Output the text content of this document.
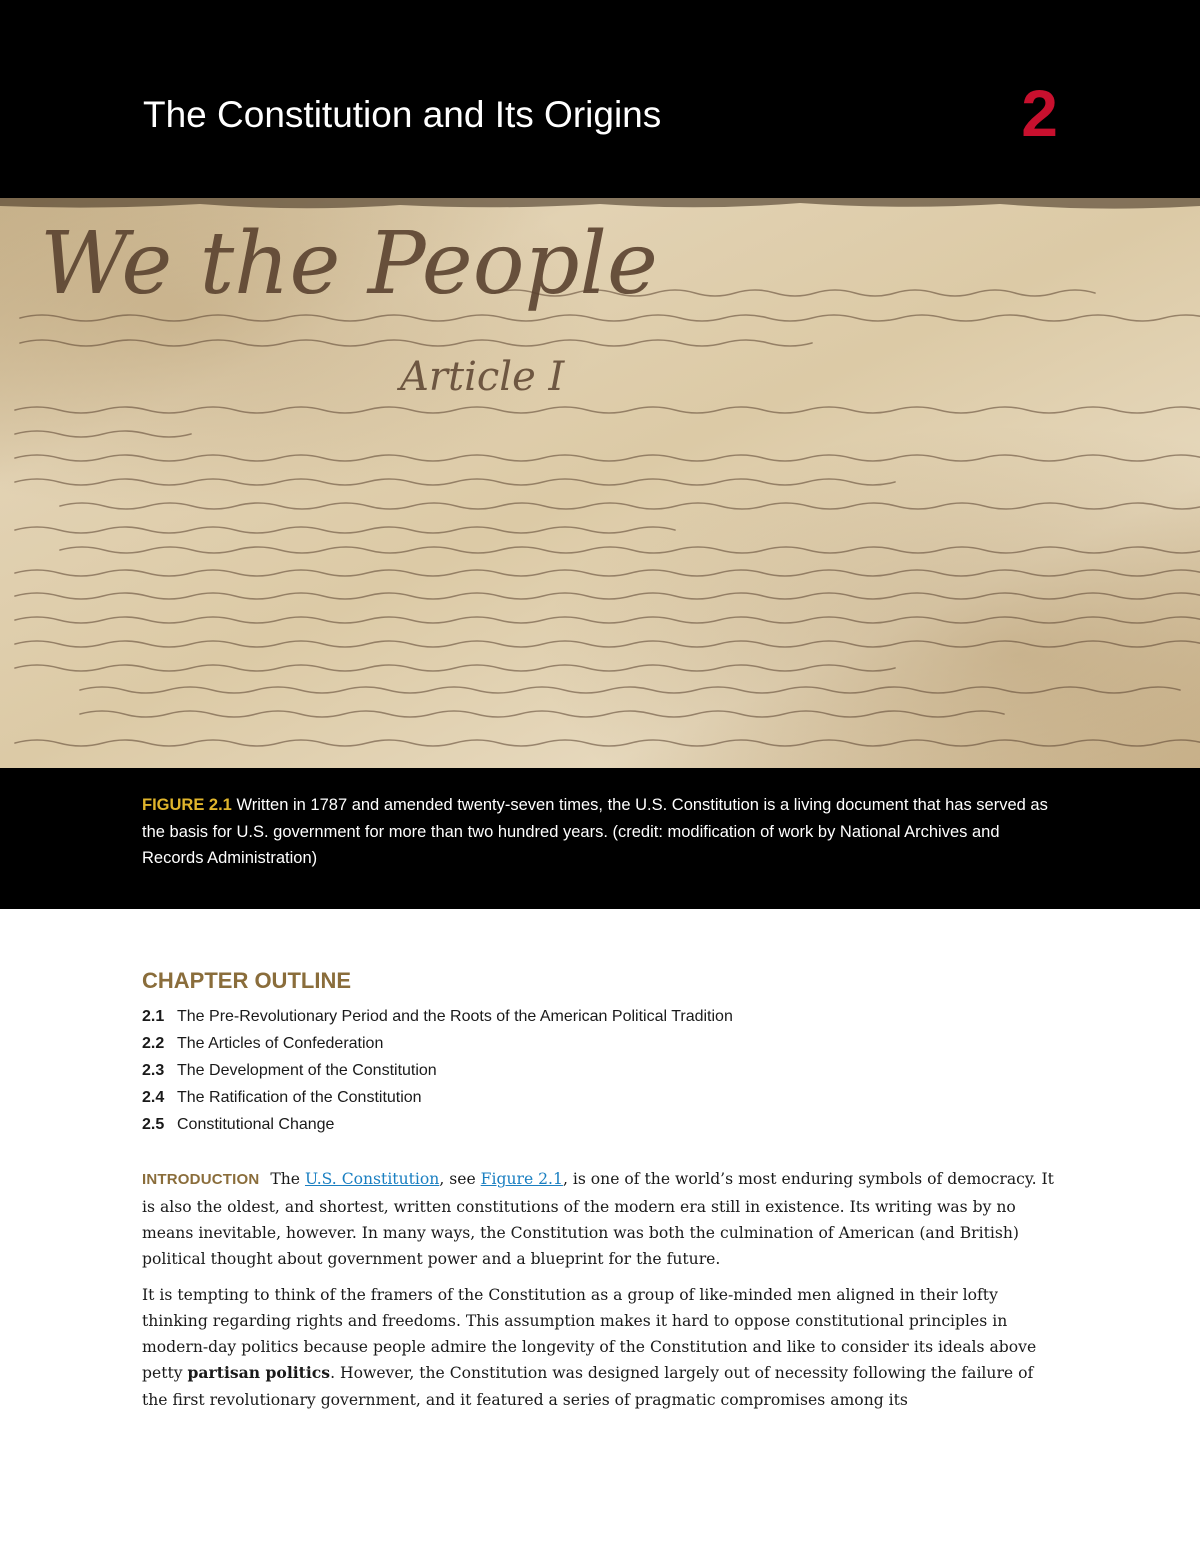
The Constitution and Its Origins	2
We the People
Article I
FIGURE 2.1 Written in 1787 and amended twenty-seven times, the U.S. Constitution is a living document that has served as the basis for U.S. government for more than two hundred years. (credit: modification of work by National Archives and Records Administration)
CHAPTER OUTLINE
2.1 The Pre-Revolutionary Period and the Roots of the American Political Tradition
2.2 The Articles of Confederation
2.3 The Development of the Constitution
2.4 The Ratification of the Constitution
2.5 Constitutional Change

INTRODUCTION The U.S. Constitution, see Figure 2.1, is one of the world’s most enduring symbols of democracy. It is also the oldest, and shortest, written constitutions of the modern era still in existence. Its writing was by no means inevitable, however. In many ways, the Constitution was both the culmination of American (and British) political thought about government power and a blueprint for the future.

It is tempting to think of the framers of the Constitution as a group of like-minded men aligned in their lofty thinking regarding rights and freedoms. This assumption makes it hard to oppose constitutional principles in modern-day politics because people admire the longevity of the Constitution and like to consider its ideals above petty partisan politics. However, the Constitution was designed largely out of necessity following the failure of the first revolutionary government, and it featured a series of pragmatic compromises among its
